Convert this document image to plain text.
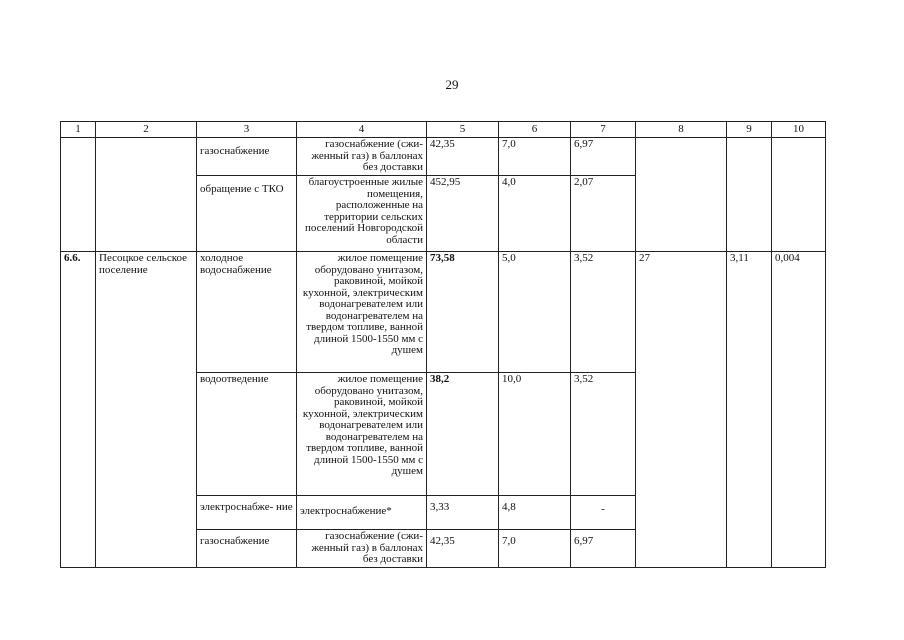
29
1	2	3	4	5	6	7	8	9	10
		газоснабжение	газоснабжение (сжи- женный газ) в баллонах без доставки	42,35	7,0	6,97			
		обращение с ТКО	благоустроенные жилые помещения, расположенные на территории сельских поселений Новгородской области	452,95	4,0	2,07			
6.6.	Песоцкое сельское поселение	холодное водоснабжение	жилое помещение оборудовано унитазом, раковиной, мойкой кухонной, электрическим водонагревателем или водонагревателем на твердом топливе, ванной длиной 1500-1550 мм с душем	73,58	5,0	3,52	27	3,11	0,004
		водоотведение	жилое помещение оборудовано унитазом, раковиной, мойкой кухонной, электрическим водонагревателем или водонагревателем на твердом топливе, ванной длиной 1500-1550 мм с душем	38,2	10,0	3,52			
		электроснабже- ние	электроснабжение*	3,33	4,8	-			
		газоснабжение	газоснабжение (сжи- женный газ) в баллонах без доставки	42,35	7,0	6,97			
